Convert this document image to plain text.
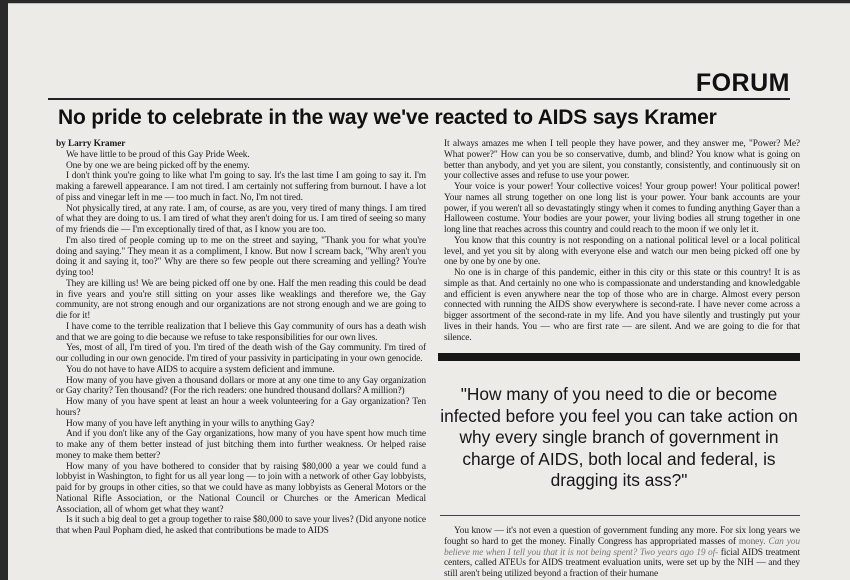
FORUM
No pride to celebrate in the way we've reacted to AIDS says Kramer

by Larry Kramer

We have little to be proud of this Gay Pride Week.

One by one we are being picked off by the enemy.

I don't think you're going to like what I'm going to say. It's the last time I am going to say it. I'm making a farewell appearance. I am not tired. I am certainly not suffering from burnout. I have a lot of piss and vinegar left in me — too much in fact. No, I'm not tired.

Not physically tired, at any rate. I am, of course, as are you, very tired of many things. I am tired of what they are doing to us. I am tired of what they aren't doing for us. I am tired of seeing so many of my friends die — I'm exceptionally tired of that, as I know you are too.

I'm also tired of people coming up to me on the street and saying, "Thank you for what you're doing and saying." They mean it as a compliment, I know. But now I scream back, "Why aren't you doing it and saying it, too?" Why are there so few people out there screaming and yelling? You're dying too!

They are killing us! We are being picked off one by one. Half the men reading this could be dead in five years and you're still sitting on your asses like weaklings and therefore we, the Gay community, are not strong enough and our organizations are not strong enough and we are going to die for it!

I have come to the terrible realization that I believe this Gay community of ours has a death wish and that we are going to die because we refuse to take responsibilities for our own lives.

Yes, most of all, I'm tired of you. I'm tired of the death wish of the Gay community. I'm tired of our colluding in our own genocide. I'm tired of your passivity in participating in your own genocide.

You do not have to have AIDS to acquire a system deficient and immune.

How many of you have given a thousand dollars or more at any one time to any Gay organization or Gay charity? Ten thousand? (For the rich readers: one hundred thousand dollars? A million?)

How many of you have spent at least an hour a week volunteering for a Gay organization? Ten hours?

How many of you have left anything in your wills to anything Gay?

And if you don't like any of the Gay organizations, how many of you have spent how much time to make any of them better instead of just bitching them into further weakness. Or helped raise money to make them better?

How many of you have bothered to consider that by raising $80,000 a year we could fund a lobbyist in Washington, to fight for us all year long — to join with a network of other Gay lobbyists, paid for by groups in other cities, so that we could have as many lobbyists as General Motors or the National Rifle Association, or the National Council or Churches or the American Medical Association, all of whom get what they want?

Is it such a big deal to get a group together to raise $80,000 to save your lives? (Did anyone notice that when Paul Popham died, he asked that contributions be made to AIDS

It always amazes me when I tell people they have power, and they answer me, "Power? Me? What power?" How can you be so conservative, dumb, and blind? You know what is going on better than anybody, and yet you are silent, you constantly, consistently, and continuously sit on your collective asses and refuse to use your power.

Your voice is your power! Your collective voices! Your group power! Your political power! Your names all strung together on one long list is your power. Your bank accounts are your power, if you weren't all so devastatingly stingy when it comes to funding anything Gayer than a Halloween costume. Your bodies are your power, your living bodies all strung together in one long line that reaches across this country and could reach to the moon if we only let it.

You know that this country is not responding on a national political level or a local political level, and yet you sit by along with everyone else and watch our men being picked off one by one by one by one by one.

No one is in charge of this pandemic, either in this city or this state or this country! It is as simple as that. And certainly no one who is compassionate and understanding and knowledgable and efficient is even anywhere near the top of those who are in charge. Almost every person connected with running the AIDS show everywhere is second-rate. I have never come across a bigger assortment of the second-rate in my life. And you have silently and trustingly put your lives in their hands. You — who are first rate — are silent. And we are going to die for that silence.

"How many of you need to die or become infected before you feel you can take action on why every single branch of government in charge of AIDS, both local and federal, is dragging its ass?"

You know — it's not even a question of government funding any more. For six long years we fought so hard to get the money. Finally Congress has appropriated masses of money. Can you believe me when I tell you that it is not being spent? Two years ago 19 of- ficial AIDS treatment centers, called ATEUs for AIDS treatment evaluation units, were set up by the NIH — and they still aren't being utilized beyond a fraction of their humane
